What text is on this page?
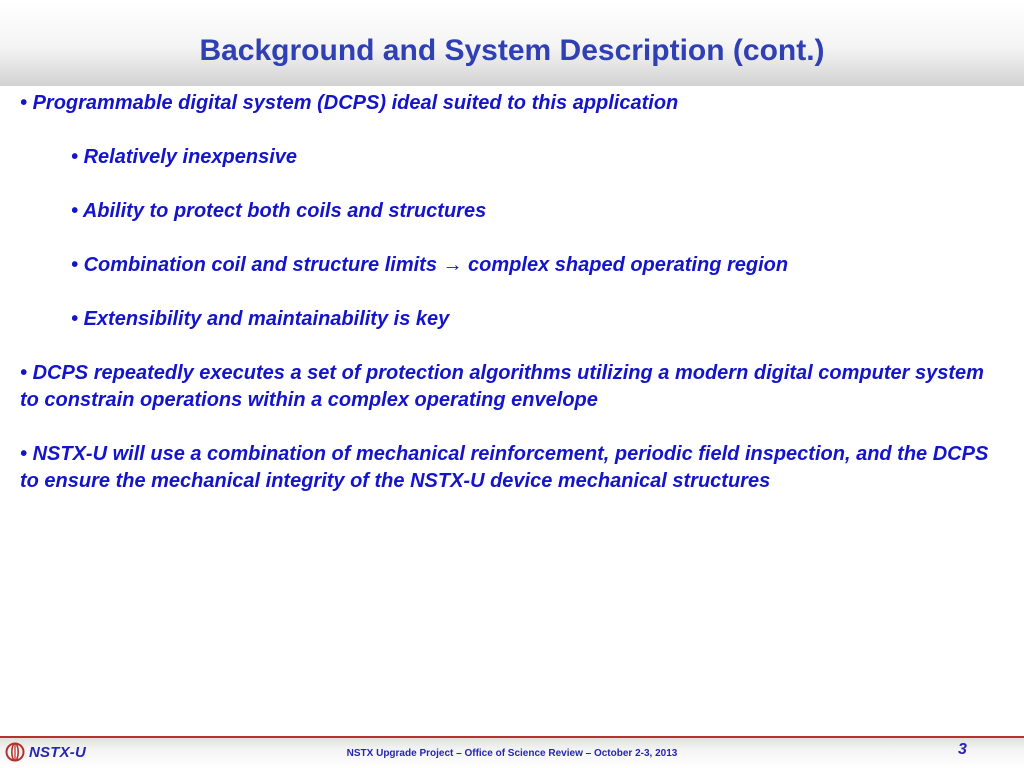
Background and System Description (cont.)

• Programmable digital system (DCPS) ideal suited to this application

• Relatively inexpensive

• Ability to protect both coils and structures

• Combination coil and structure limits → complex shaped operating region

• Extensibility and maintainability is key

• DCPS repeatedly executes a set of protection algorithms utilizing a modern digital computer system to constrain operations within a complex operating envelope

• NSTX-U will use a combination of mechanical reinforcement, periodic field inspection, and the DCPS to ensure the mechanical integrity of the NSTX-U device mechanical structures

NSTX-U	NSTX Upgrade Project – Office of Science Review – October 2-3, 2013	3
